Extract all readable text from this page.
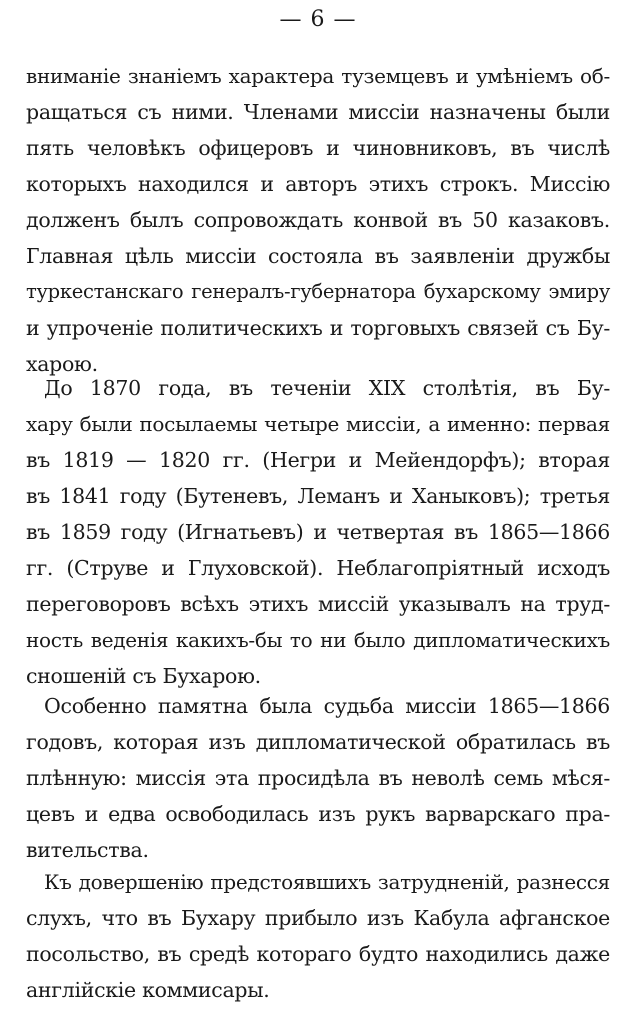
— 6 —
вниманіе знаніемъ характера туземцевъ и умѣніемъ об-
ращаться съ ними. Членами миссіи назначены были
пять человѣкъ офицеровъ и чиновниковъ, въ числѣ
которыхъ находился и авторъ этихъ строкъ. Миссію
долженъ былъ сопровождать конвой въ 50 казаковъ.
Главная цѣль миссіи состояла въ заявленіи дружбы
туркестанскаго генералъ-губернатора бухарскому эмиру
и упроченіе политическихъ и торговыхъ связей съ Бу-
харою.
До 1870 года, въ теченіи XIX столѣтія, въ Бу-
хару были посылаемы четыре миссіи, а именно: первая
въ 1819 — 1820 гг. (Негри и Мейендорфъ); вторая
въ 1841 году (Бутеневъ, Леманъ и Ханыковъ); третья
въ 1859 году (Игнатьевъ) и четвертая въ 1865—1866
гг. (Струве и Глуховской). Неблагопріятный исходъ
переговоровъ всѣхъ этихъ миссій указывалъ на труд-
ность веденія какихъ-бы то ни было дипломатическихъ
сношеній съ Бухарою.
Особенно памятна была судьба миссіи 1865—1866
годовъ, которая изъ дипломатической обратилась въ
плѣнную: миссія эта просидѣла въ неволѣ семь мѣся-
цевъ и едва освободилась изъ рукъ варварскаго пра-
вительства.
Къ довершенію предстоявшихъ затрудненій, разнесся
слухъ, что въ Бухару прибыло изъ Кабула афганское
посольство, въ средѣ котораго будто находились даже
англійскіе коммисары.
